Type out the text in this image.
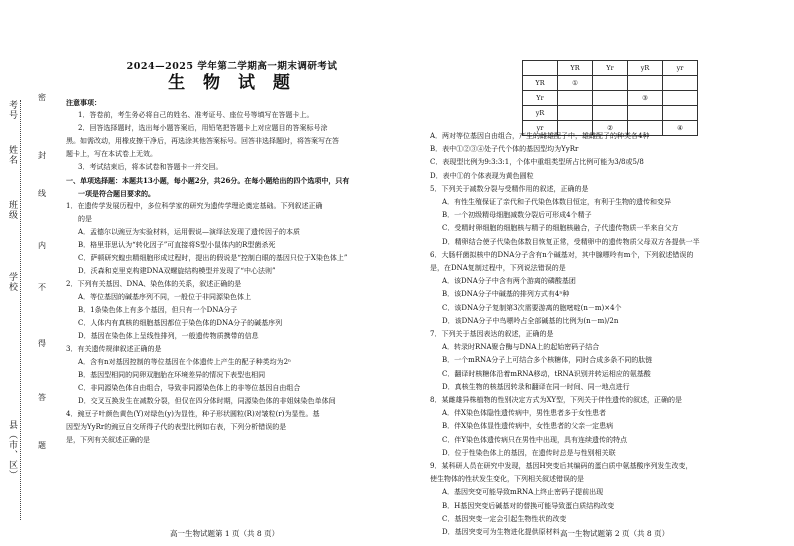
考号
姓名
班级
学校
县（市、区）
密
封
线
内
不
得
答
题
2024—2025 学年第二学期高一期末调研考试
生 物 试 题
注意事项：
1．答卷前，考生务必将自己的姓名、准考证号、座位号等填写在答题卡上。
2．回答选择题时，选出每小题答案后，用铅笔把答题卡上对应题目的答案标号涂
黑。如需改动，用橡皮擦干净后，再选涂其他答案标号。回答非选择题时，将答案写在答
题卡上，写在本试卷上无效。
3．考试结束后，将本试卷和答题卡一并交回。
一、单项选择题：本题共13小题，每小题2分，共26分。在每小题给出的四个选项中，只有
一项是符合题目要求的。
1．在遗传学发展历程中，多位科学家的研究为遗传学理论奠定基础。下列叙述正确
的是
A．孟德尔以豌豆为实验材料，运用假说—演绎法发现了遗传因子的本质
B．格里菲思认为“转化因子”可直接将S型小鼠体内的R型菌杀死
C．萨顿研究蝗虫精细胞形成过程时，提出的假说是“控制白眼的基因只位于X染色体上”
D．沃森和克里克构建DNA双螺旋结构模型并发现了“中心法则”
2．下列有关基因、DNA、染色体的关系，叙述正确的是
A．等位基因的碱基序列不同，一般位于非同源染色体上
B．1条染色体上有多个基因，但只有一个DNA分子
C．人体内有真核的细胞基因都位于染色体的DNA分子的碱基序列
D．基因在染色体上呈线性排列，一般遗传物质携带的信息
3．有关遗传规律叙述正确的是
A．含有n对基因控制的等位基因在个体遗传上产生的配子种类均为2ⁿ
B．基因型相同的同卵双胞胎在环境差异的情况下表型也相同
C．非同源染色体自由组合，导致非同源染色体上的非等位基因自由组合
D．交叉互换发生在减数分裂，但仅在四分体时期，同源染色体的非姐妹染色单体间
4．豌豆子叶颜色黄色(Y)对绿色(y)为显性，种子形状圆粒(R)对皱粒(r)为显性。基
因型为YyRr的豌豆自交所得子代的表型比例如右表，下列分析错误的是
是，下列有关叙述正确的是
高一生物试题第 1 页（共 8 页）
	YR	Yr	yR	yr
YR	①			
Yr			③	
yR				
yr		②		④
A．两对等位基因自由组合，产生的雌雄配子中，雄雌配子的种类各4种
B．表中①②③④处子代个体的基因型均为YyRr
C．表现型比例为9:3:3:1，个体中重组类型所占比例可能为3/8或5/8
D．表中①的个体表现为黄色圆粒
5．下列关于减数分裂与受精作用的叙述，正确的是
A．有性生殖保证了亲代和子代染色体数目恒定，有利于生物的遗传和变异
B．一个初级精母细胞减数分裂后可形成4个精子
C．受精时卵细胞的细胞核与精子的细胞核融合，子代遗传物质一半来自父方
D．精卵结合使子代染色体数目恢复正常，受精卵中的遗传物质父母双方各提供一半
6．大肠杆菌拟核中的DNA分子含有n个碱基对，其中腺嘌呤有m个，下列叙述错误的
是，在DNA复制过程中，下列说法错误的是
A．该DNA分子中含有两个游离的磷酸基团
B．该DNA分子中碱基的排列方式有4ⁿ种
C．该DNA分子复制第3次需要游离的胞嘧啶(n－m)×4个
D．该DNA分子中鸟嘌呤占全部碱基的比例为(n－m)/2n
7．下列关于基因表达的叙述，正确的是
A．转录时RNA聚合酶与DNA上的起始密码子结合
B．一个mRNA分子上可结合多个核糖体，同时合成多条不同的肽链
C．翻译时核糖体沿着mRNA移动，tRNA识别并转运相应的氨基酸
D．真核生物的核基因转录和翻译在同一时间、同一地点进行
8．某雌雄异株植物的性别决定方式为XY型，下列关于伴性遗传的叙述，正确的是
A．伴X染色体隐性遗传病中，男性患者多于女性患者
B．伴X染色体显性遗传病中，女性患者的父亲一定患病
C．伴Y染色体遗传病只在男性中出现，具有连续遗传的特点
D．位于性染色体上的基因，在遗传时总是与性别相关联
9．某科研人员在研究中发现，基因H突变后其编码的蛋白质中氨基酸序列发生改变，
使生物体的性状发生变化，下列相关叙述错误的是
A．基因突变可能导致mRNA上终止密码子提前出现
B．H基因突变后碱基对的替换可能导致蛋白质结构改变
C．基因突变一定会引起生物性状的改变
D．基因突变可为生物进化提供原材料 高一生物试题第 2 页（共 8 页）
